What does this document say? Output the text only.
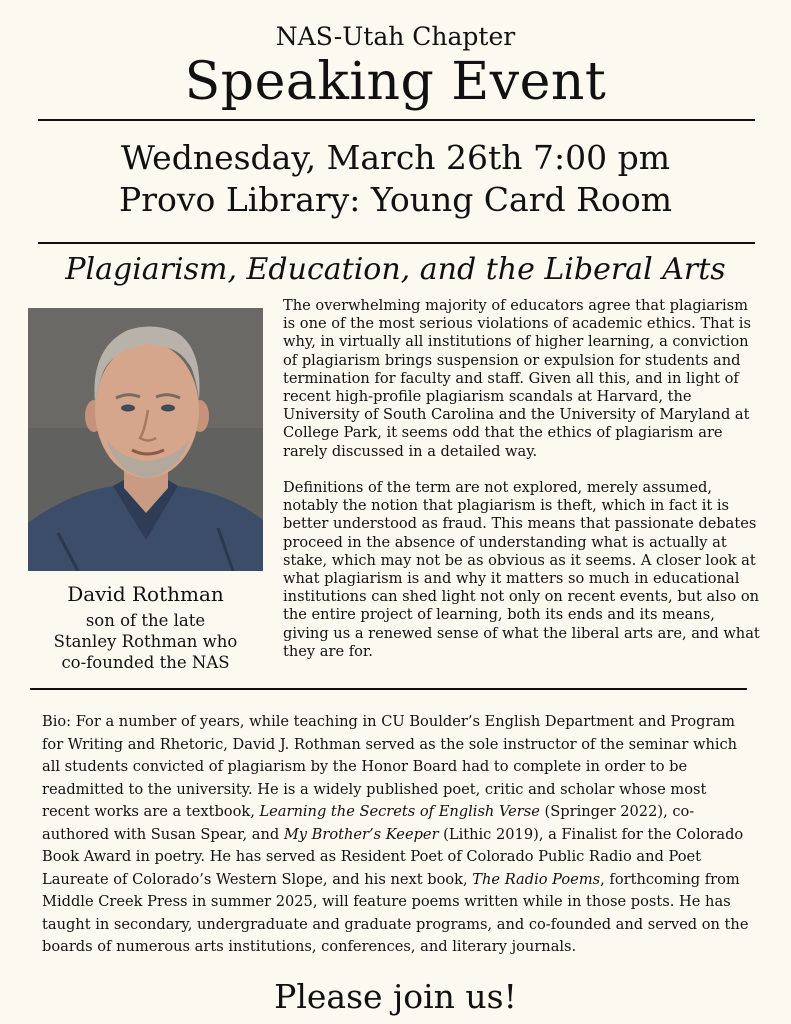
NAS-Utah Chapter
Speaking Event
Wednesday, March 26th 7:00 pm
Provo Library: Young Card Room
Plagiarism, Education, and the Liberal Arts
David Rothman
son of the late
Stanley Rothman who
co-founded the NAS

The overwhelming majority of educators agree that plagiarism is one of the most serious violations of academic ethics. That is why, in virtually all institutions of higher learning, a conviction of plagiarism brings suspension or expulsion for students and termination for faculty and staff. Given all this, and in light of recent high-profile plagiarism scandals at Harvard, the University of South Carolina and the University of Maryland at College Park, it seems odd that the ethics of plagiarism are rarely discussed in a detailed way.

Definitions of the term are not explored, merely assumed, notably the notion that plagiarism is theft, which in fact it is better understood as fraud. This means that passionate debates proceed in the absence of understanding what is actually at stake, which may not be as obvious as it seems. A closer look at what plagiarism is and why it matters so much in educational institutions can shed light not only on recent events, but also on the entire project of learning, both its ends and its means, giving us a renewed sense of what the liberal arts are, and what they are for.

Bio: For a number of years, while teaching in CU Boulder’s English Department and Program for Writing and Rhetoric, David J. Rothman served as the sole instructor of the seminar which all students convicted of plagiarism by the Honor Board had to complete in order to be readmitted to the university. He is a widely published poet, critic and scholar whose most recent works are a textbook, Learning the Secrets of English Verse (Springer 2022), co-authored with Susan Spear, and My Brother’s Keeper (Lithic 2019), a Finalist for the Colorado Book Award in poetry. He has served as Resident Poet of Colorado Public Radio and Poet Laureate of Colorado’s Western Slope, and his next book, The Radio Poems, forthcoming from Middle Creek Press in summer 2025, will feature poems written while in those posts. He has taught in secondary, undergraduate and graduate programs, and co-founded and served on the boards of numerous arts institutions, conferences, and literary journals.
Please join us!
